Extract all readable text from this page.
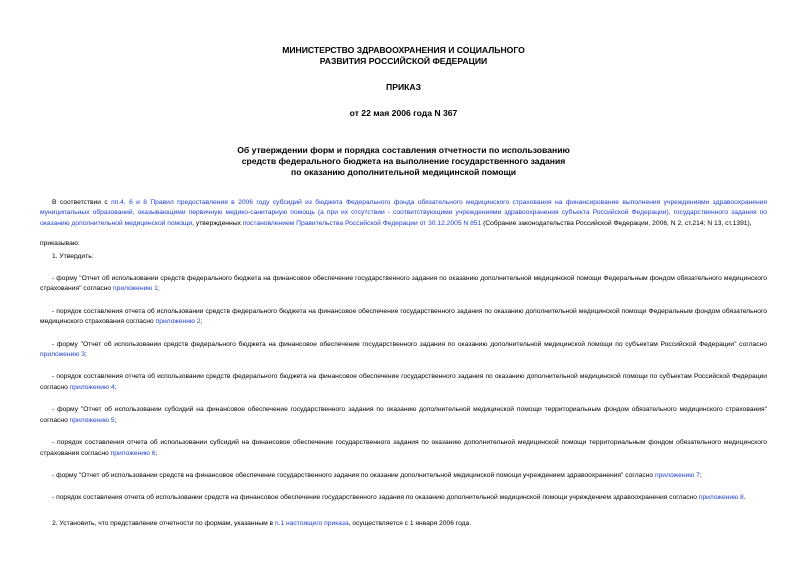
МИНИСТЕРСТВО ЗДРАВООХРАНЕНИЯ И СОЦИАЛЬНОГО
РАЗВИТИЯ РОССИЙСКОЙ ФЕДЕРАЦИИ

ПРИКАЗ

от 22 мая 2006 года N 367

Об утверждении форм и порядка составления отчетности по использованию
средств федерального бюджета на выполнение государственного задания
по оказанию дополнительной медицинской помощи

В соответствии с пп.4, 6 и 8 Правил предоставления в 2006 году субсидий из бюджета Федерального фонда обязательного медицинского страхования на финансирование выполнения учреждениями здравоохранения муниципальных образований, оказывающими первичную медико-санитарную помощь (а при их отсутствии - соответствующими учреждениями здравоохранения субъекта Российской Федерации), государственного задания по оказанию дополнительной медицинской помощи, утвержденных постановлением Правительства Российской Федерации от 30.12.2005 N 851 (Собрание законодательства Российской Федерации, 2006, N 2, ст.214; N 13, ст.1391),

приказываю:

1. Утвердить:

- форму "Отчет об использовании средств федерального бюджета на финансовое обеспечение государственного задания по оказанию дополнительной медицинской помощи Федеральным фондом обязательного медицинского страхования" согласно приложению 1;

- порядок составления отчета об использовании средств федерального бюджета на финансовое обеспечение государственного задания по оказанию дополнительной медицинской помощи Федеральным фондом обязательного медицинского страхования согласно приложению 2;

- форму "Отчет об использовании средств федерального бюджета на финансовое обеспечение государственного задания по оказанию дополнительной медицинской помощи по субъектам Российской Федерации" согласно приложению 3;

- порядок составления отчета об использовании средств федерального бюджета на финансовое обеспечение государственного задания по оказанию дополнительной медицинской помощи по субъектам Российской Федерации согласно приложению 4;

- форму "Отчет об использовании субсидий на финансовое обеспечение государственного задания по оказанию дополнительной медицинской помощи территориальным фондом обязательного медицинского страхования" согласно приложению 5;

- порядок составления отчета об использовании субсидий на финансовое обеспечение государственного задания по оказанию дополнительной медицинской помощи территориальным фондом обязательного медицинского страхования согласно приложению 6;

- форму "Отчет об использовании средств на финансовое обеспечение государственного задания по оказание дополнительной медицинской помощи учреждением здравоохранения" согласно приложению 7;

- порядок составления отчета об использовании средств на финансовое обеспечение государственного задания по оказанию дополнительной медицинской помощи учреждением здравоохранения согласно приложению 8.

2. Установить, что представление отчетности по формам, указанным в п.1 настоящего приказа, осуществляется с 1 января 2006 года.
